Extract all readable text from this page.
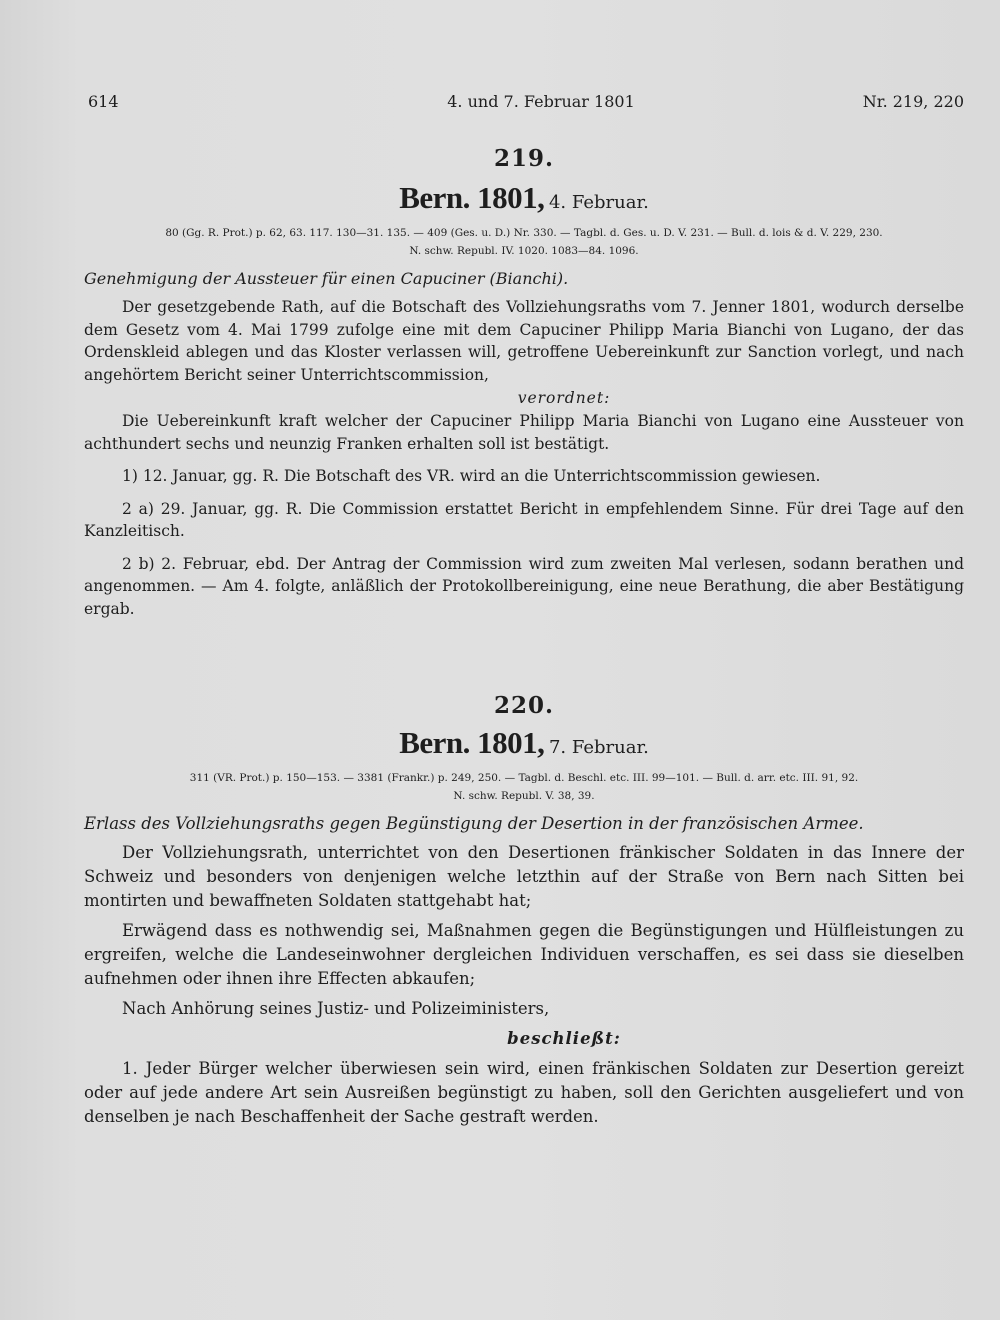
614	4. und 7. Februar 1801	Nr. 219, 220
219.
Bern. 1801, 4. Februar.
80 (Gg. R. Prot.) p. 62, 63. 117. 130—31. 135. — 409 (Ges. u. D.) Nr. 330. — Tagbl. d. Ges. u. D. V. 231. — Bull. d. lois & d. V. 229, 230.
N. schw. Republ. IV. 1020. 1083—84. 1096.
Genehmigung der Aussteuer für einen Capuciner (Bianchi).

Der gesetzgebende Rath, auf die Botschaft des Vollziehungsraths vom 7. Jenner 1801, wodurch derselbe dem Gesetz vom 4. Mai 1799 zufolge eine mit dem Capuciner Philipp Maria Bianchi von Lugano, der das Ordenskleid ablegen und das Kloster verlassen will, getroffene Uebereinkunft zur Sanction vorlegt, und nach angehörtem Bericht seiner Unterrichtscommission,

verordnet:

Die Uebereinkunft kraft welcher der Capuciner Philipp Maria Bianchi von Lugano eine Aussteuer von achthundert sechs und neunzig Franken erhalten soll ist bestätigt.

1) 12. Januar, gg. R. Die Botschaft des VR. wird an die Unterrichtscommission gewiesen.

2 a) 29. Januar, gg. R. Die Commission erstattet Bericht in empfehlendem Sinne. Für drei Tage auf den Kanzleitisch.

2 b) 2. Februar, ebd. Der Antrag der Commission wird zum zweiten Mal verlesen, sodann berathen und angenommen. — Am 4. folgte, anläßlich der Protokollbereinigung, eine neue Berathung, die aber Bestätigung ergab.

220.
Bern. 1801, 7. Februar.
311 (VR. Prot.) p. 150—153. — 3381 (Frankr.) p. 249, 250. — Tagbl. d. Beschl. etc. III. 99—101. — Bull. d. arr. etc. III. 91, 92.
N. schw. Republ. V. 38, 39.
Erlass des Vollziehungsraths gegen Begünstigung der Desertion in der französischen Armee.

Der Vollziehungsrath, unterrichtet von den Desertionen fränkischer Soldaten in das Innere der Schweiz und besonders von denjenigen welche letzthin auf der Straße von Bern nach Sitten bei montirten und bewaffneten Soldaten stattgehabt hat;

Erwägend dass es nothwendig sei, Maßnahmen gegen die Begünstigungen und Hülfleistungen zu ergreifen, welche die Landeseinwohner dergleichen Individuen verschaffen, es sei dass sie dieselben aufnehmen oder ihnen ihre Effecten abkaufen;

Nach Anhörung seines Justiz- und Polizeiministers,

beschließt:

1. Jeder Bürger welcher überwiesen sein wird, einen fränkischen Soldaten zur Desertion gereizt oder auf jede andere Art sein Ausreißen begünstigt zu haben, soll den Gerichten ausgeliefert und von denselben je nach Beschaffenheit der Sache gestraft werden.
